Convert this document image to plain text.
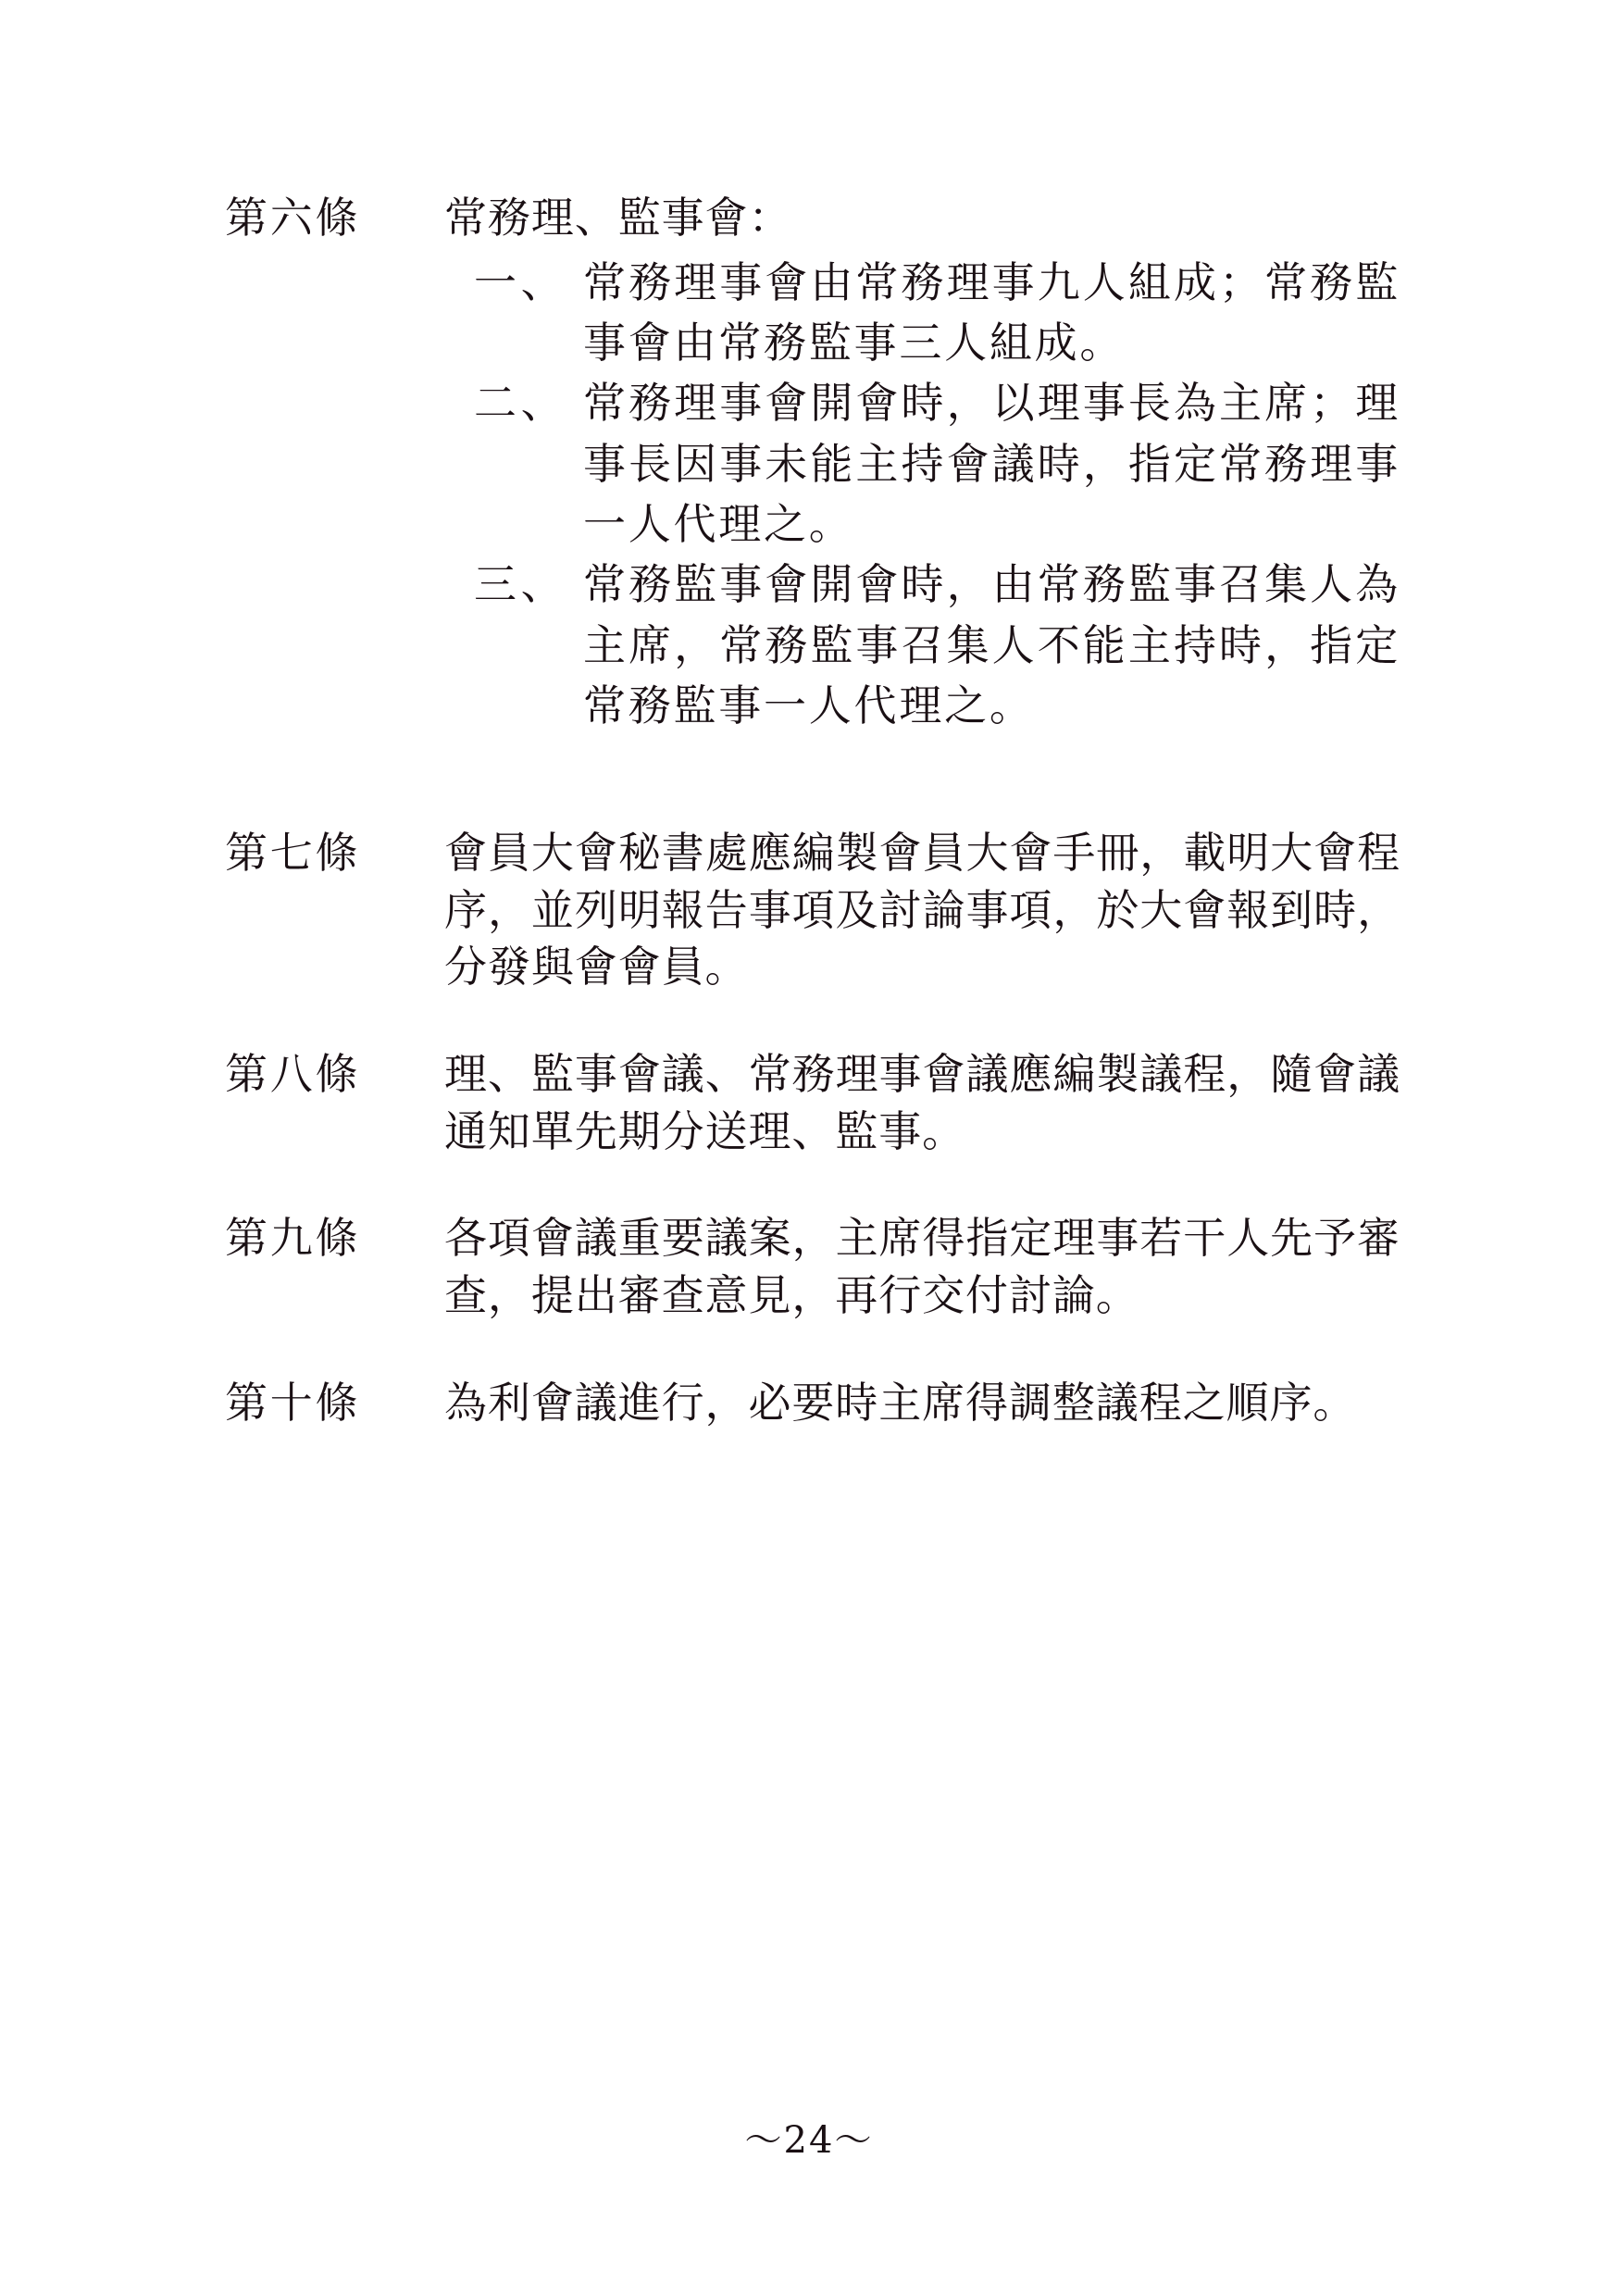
第六條	常務理、監事會：

一、 常務理事會由常務理事九人組成；常務監事會由常務監事三人組成。
二、 常務理事會開會時，以理事長為主席；理事長因事未能主持會議時，指定常務理事一人代理之。
三、 常務監事會開會時，由常務監事召集人為主席，常務監事召集人不能主持時，指定常務監事一人代理之。
第七條	會員大會秘書處應編製會員大會手冊，載明大會程序，並列明報告事項及討論事項，於大會報到時，分發與會會員。

第八條	理、監事會議、常務理事會議應編製議程，隨會議通知單先期分送理、監事。

第九條	各項會議重要議案，主席得指定理事若干人先予審查，提出審查意見，再行交付討論。

第十條	為利會議進行，必要時主席得調整議程之順序。

～24～
